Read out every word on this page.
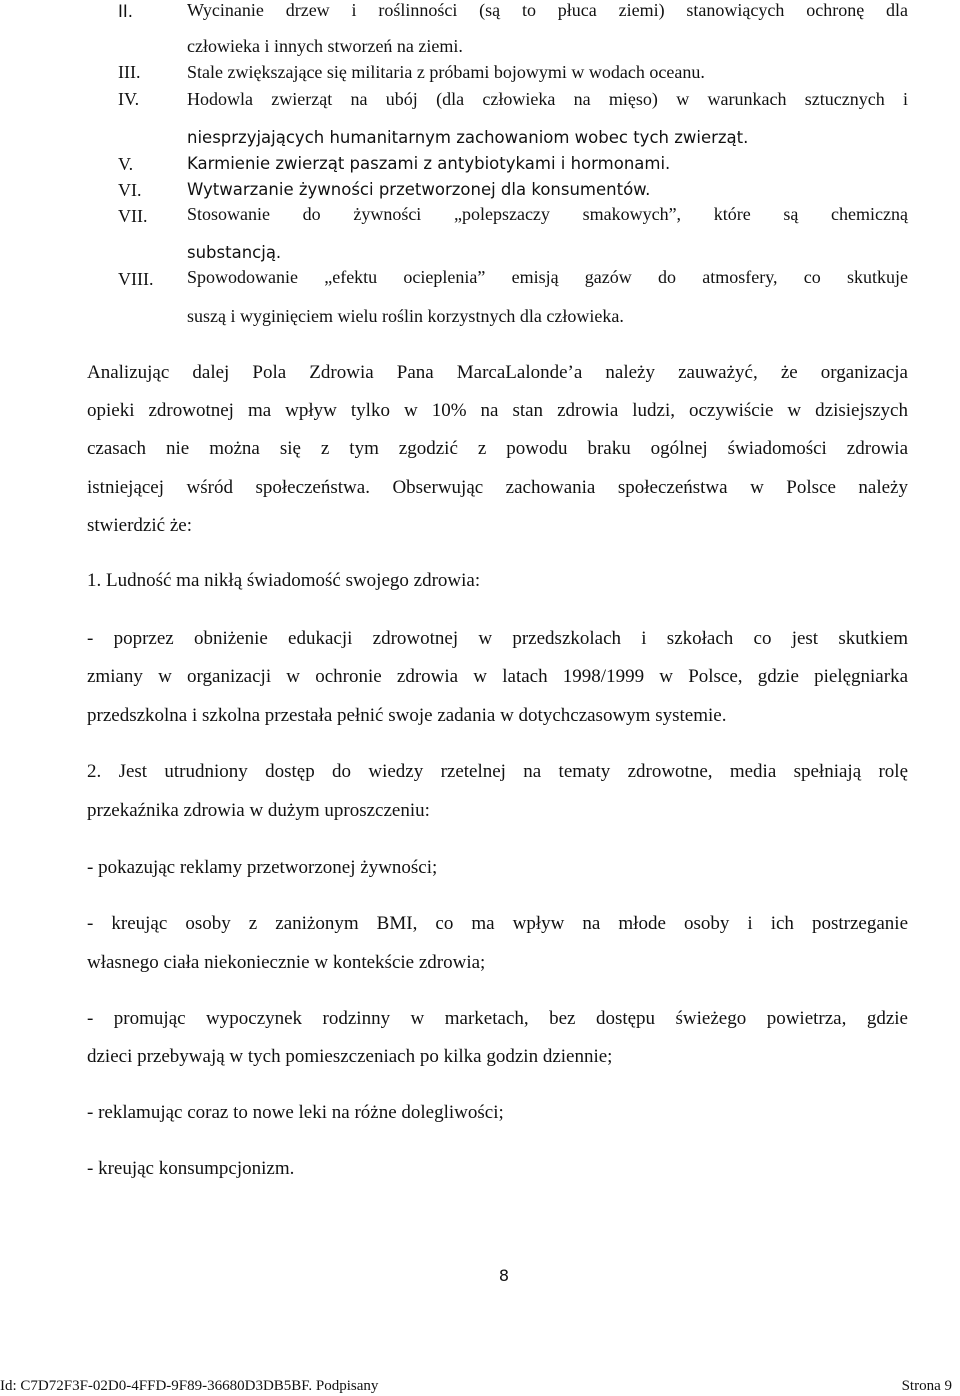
II.	Wycinanie drzew i roślinności (są to płuca ziemi) stanowiących ochronę dla
człowieka i innych stworzeń na ziemi.
III.	Stale zwiększające się militaria z próbami bojowymi w wodach oceanu.
IV.	Hodowla zwierząt na ubój (dla człowieka na mięso) w warunkach sztucznych i
niesprzyjających humanitarnym zachowaniom wobec tych zwierząt.
V.	Karmienie zwierząt paszami z antybiotykami i hormonami.
VI.	Wytwarzanie żywności przetworzonej dla konsumentów.
VII. Stosowanie do żywności „polepszaczy smakowych”, które są chemiczną
substancją.
VIII. Spowodowanie „efektu ocieplenia” emisją gazów do atmosfery, co skutkuje
suszą i wyginięciem wielu roślin korzystnych dla człowieka.
Analizując dalej Pola Zdrowia Pana MarcaLalonde’a należy zauważyć, że organizacja
opieki zdrowotnej ma wpływ tylko w 10% na stan zdrowia ludzi, oczywiście w dzisiejszych
czasach nie można się z tym zgodzić z powodu braku ogólnej świadomości zdrowia
istniejącej wśród społeczeństwa. Obserwując zachowania społeczeństwa w Polsce należy
stwierdzić że:
1. Ludność ma nikłą świadomość swojego zdrowia:
- poprzez obniżenie edukacji zdrowotnej w przedszkolach i szkołach co jest skutkiem
zmiany w organizacji w ochronie zdrowia w latach 1998/1999 w Polsce, gdzie pielęgniarka
przedszkolna i szkolna przestała pełnić swoje zadania w dotychczasowym systemie.
2. Jest utrudniony dostęp do wiedzy rzetelnej na tematy zdrowotne, media spełniają rolę
przekaźnika zdrowia w dużym uproszczeniu:
- pokazując reklamy przetworzonej żywności;
- kreując osoby z zaniżonym BMI, co ma wpływ na młode osoby i ich postrzeganie
własnego ciała niekoniecznie w kontekście zdrowia;
- promując wypoczynek rodzinny w marketach, bez dostępu świeżego powietrza, gdzie
dzieci przebywają w tych pomieszczeniach po kilka godzin dziennie;
- reklamując coraz to nowe leki na różne dolegliwości;
- kreując konsumpcjonizm.
8
Id: C7D72F3F-02D0-4FFD-9F89-36680D3DB5BF. Podpisany	Strona 9
